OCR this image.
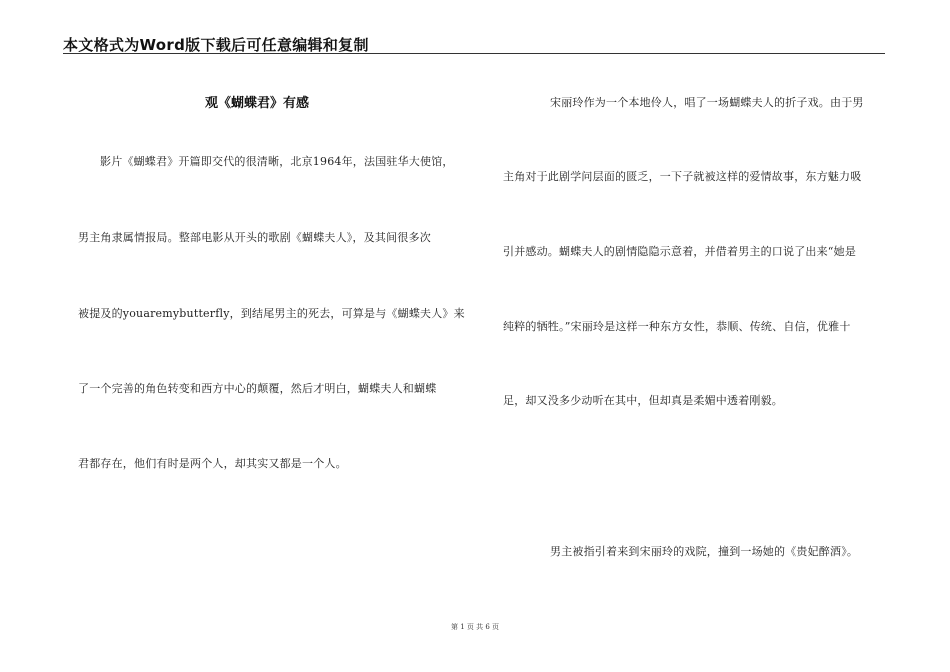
本文格式为Word版下载后可任意编辑和复制
观《蝴蝶君》有感
影片《蝴蝶君》开篇即交代的很清晰，北京1964年，法国驻华大使馆，
男主角隶属情报局。整部电影从开头的歌剧《蝴蝶夫人》，及其间很多次
被提及的youaremybutterfly，到结尾男主的死去，可算是与《蝴蝶夫人》来
了一个完善的角色转变和西方中心的颠覆，然后才明白，蝴蝶夫人和蝴蝶
君都存在，他们有时是两个人，却其实又都是一个人。
宋丽玲作为一个本地伶人，唱了一场蝴蝶夫人的折子戏。由于男
主角对于此剧学问层面的匮乏，一下子就被这样的爱情故事，东方魅力吸
引并感动。蝴蝶夫人的剧情隐隐示意着，并借着男主的口说了出来“她是
纯粹的牺牲。”宋丽玲是这样一种东方女性，恭顺、传统、自信，优雅十
足，却又没多少动听在其中，但却真是柔媚中透着刚毅。
男主被指引着来到宋丽玲的戏院，撞到一场她的《贵妃醉酒》。
第 1 页 共 6 页
